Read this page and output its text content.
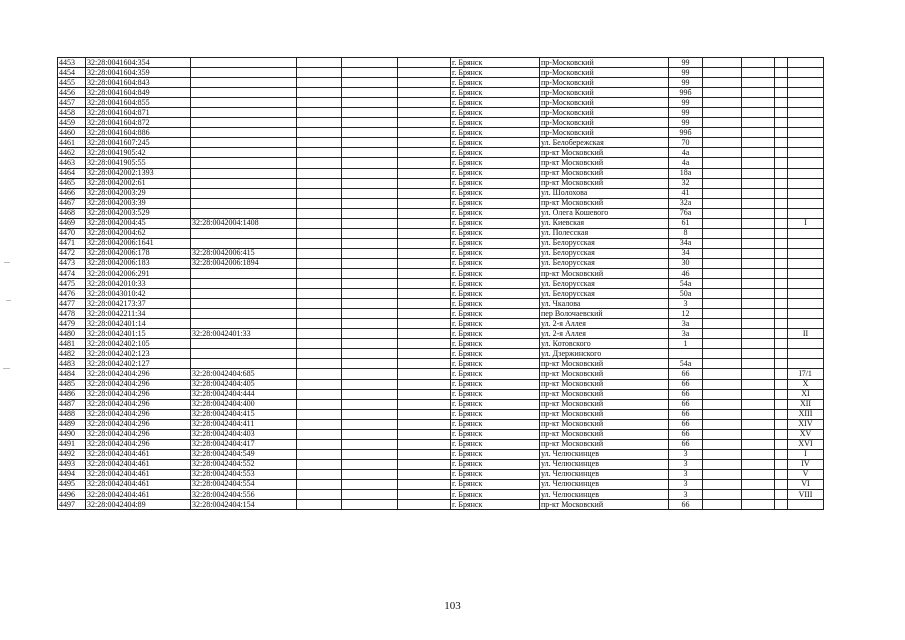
4453	32:28:0041604:354					г. Брянск	пр-Московский	99				
4454	32:28:0041604:359					г. Брянск	пр-Московский	99				
4455	32:28:0041604:843					г. Брянск	пр-Московский	99				
4456	32:28:0041604:849					г. Брянск	пр-Московский	99б				
4457	32:28:0041604:855					г. Брянск	пр-Московский	99				
4458	32:28:0041604:871					г. Брянск	пр-Московский	99				
4459	32:28:0041604:872					г. Брянск	пр-Московский	99				
4460	32:28:0041604:886					г. Брянск	пр-Московский	99б				
4461	32:28:0041607:245					г. Брянск	ул. Белобережская	70				
4462	32:28:0041905:42					г. Брянск	пр-кт Московский	4а				
4463	32:28:0041905:55					г. Брянск	пр-кт Московский	4а				
4464	32:28:0042002:1393					г. Брянск	пр-кт Московский	18а				
4465	32:28:0042002:61					г. Брянск	пр-кт Московский	32				
4466	32:28:0042003:29					г. Брянск	ул. Шолохова	41				
4467	32:28:0042003:39					г. Брянск	пр-кт Московский	32а				
4468	32:28:0042003:529					г. Брянск	ул. Олега Кошевого	76а				
4469	32:28:0042004:45	32:28:0042004:1408				г. Брянск	ул. Киевская	61				I
4470	32:28:0042004:62					г. Брянск	ул. Полесская	8				
4471	32:28:0042006:1641					г. Брянск	ул. Белорусская	34а				
4472	32:28:0042006:178	32:28:0042006:415				г. Брянск	ул. Белорусская	34				
4473	32:28:0042006:183	32:28:0042006:1894				г. Брянск	ул. Белорусская	30				
4474	32:28:0042006:291					г. Брянск	пр-кт Московский	46				
4475	32:28:0042010:33					г. Брянск	ул. Белорусская	54а				
4476	32:28:0043010:42					г. Брянск	ул. Белорусская	50а				
4477	32:28:0042173:37					г. Брянск	ул. Чкалова	3				
4478	32:28:0042211:34					г. Брянск	пер Волочаевский	12				
4479	32:28:0042401:14					г. Брянск	ул. 2-я Аллея	3а				
4480	32:28:0042401:15	32:28:0042401:33				г. Брянск	ул. 2-я Аллея	3а				II
4481	32:28:0042402:105					г. Брянск	ул. Котовского	1				
4482	32:28:0042402:123					г. Брянск	ул. Дзержинского					
4483	32:28:0042402:127					г. Брянск	пр-кт Московский	54а				
4484	32:28:0042404:296	32:28:0042404:685				г. Брянск	пр-кт Московский	66				I7/1
4485	32:28:0042404:296	32:28:0042404:405				г. Брянск	пр-кт Московский	66				X
4486	32:28:0042404:296	32:28:0042404:444				г. Брянск	пр-кт Московский	66				XI
4487	32:28:0042404:296	32:28:0042404:400				г. Брянск	пр-кт Московский	66				XII
4488	32:28:0042404:296	32:28:0042404:415				г. Брянск	пр-кт Московский	66				XIII
4489	32:28:0042404:296	32:28:0042404:411				г. Брянск	пр-кт Московский	66				XIV
4490	32:28:0042404:296	32:28:0042404:403				г. Брянск	пр-кт Московский	66				XV
4491	32:28:0042404:296	32:28:0042404:417				г. Брянск	пр-кт Московский	66				XVI
4492	32:28:0042404:461	32:28:0042404:549				г. Брянск	ул. Челюскинцев	3				I
4493	32:28:0042404:461	32:28:0042404:552				г. Брянск	ул. Челюскинцев	3				IV
4494	32:28:0042404:461	32:28:0042404:553				г. Брянск	ул. Челюскинцев	3				V
4495	32:28:0042404:461	32:28:0042404:554				г. Брянск	ул. Челюскинцев	3				VI
4496	32:28:0042404:461	32:28:0042404:556				г. Брянск	ул. Челюскинцев	3				VIII
4497	32:28:0042404:89	32:28:0042404:154				г. Брянск	пр-кт Московский	66				
103
